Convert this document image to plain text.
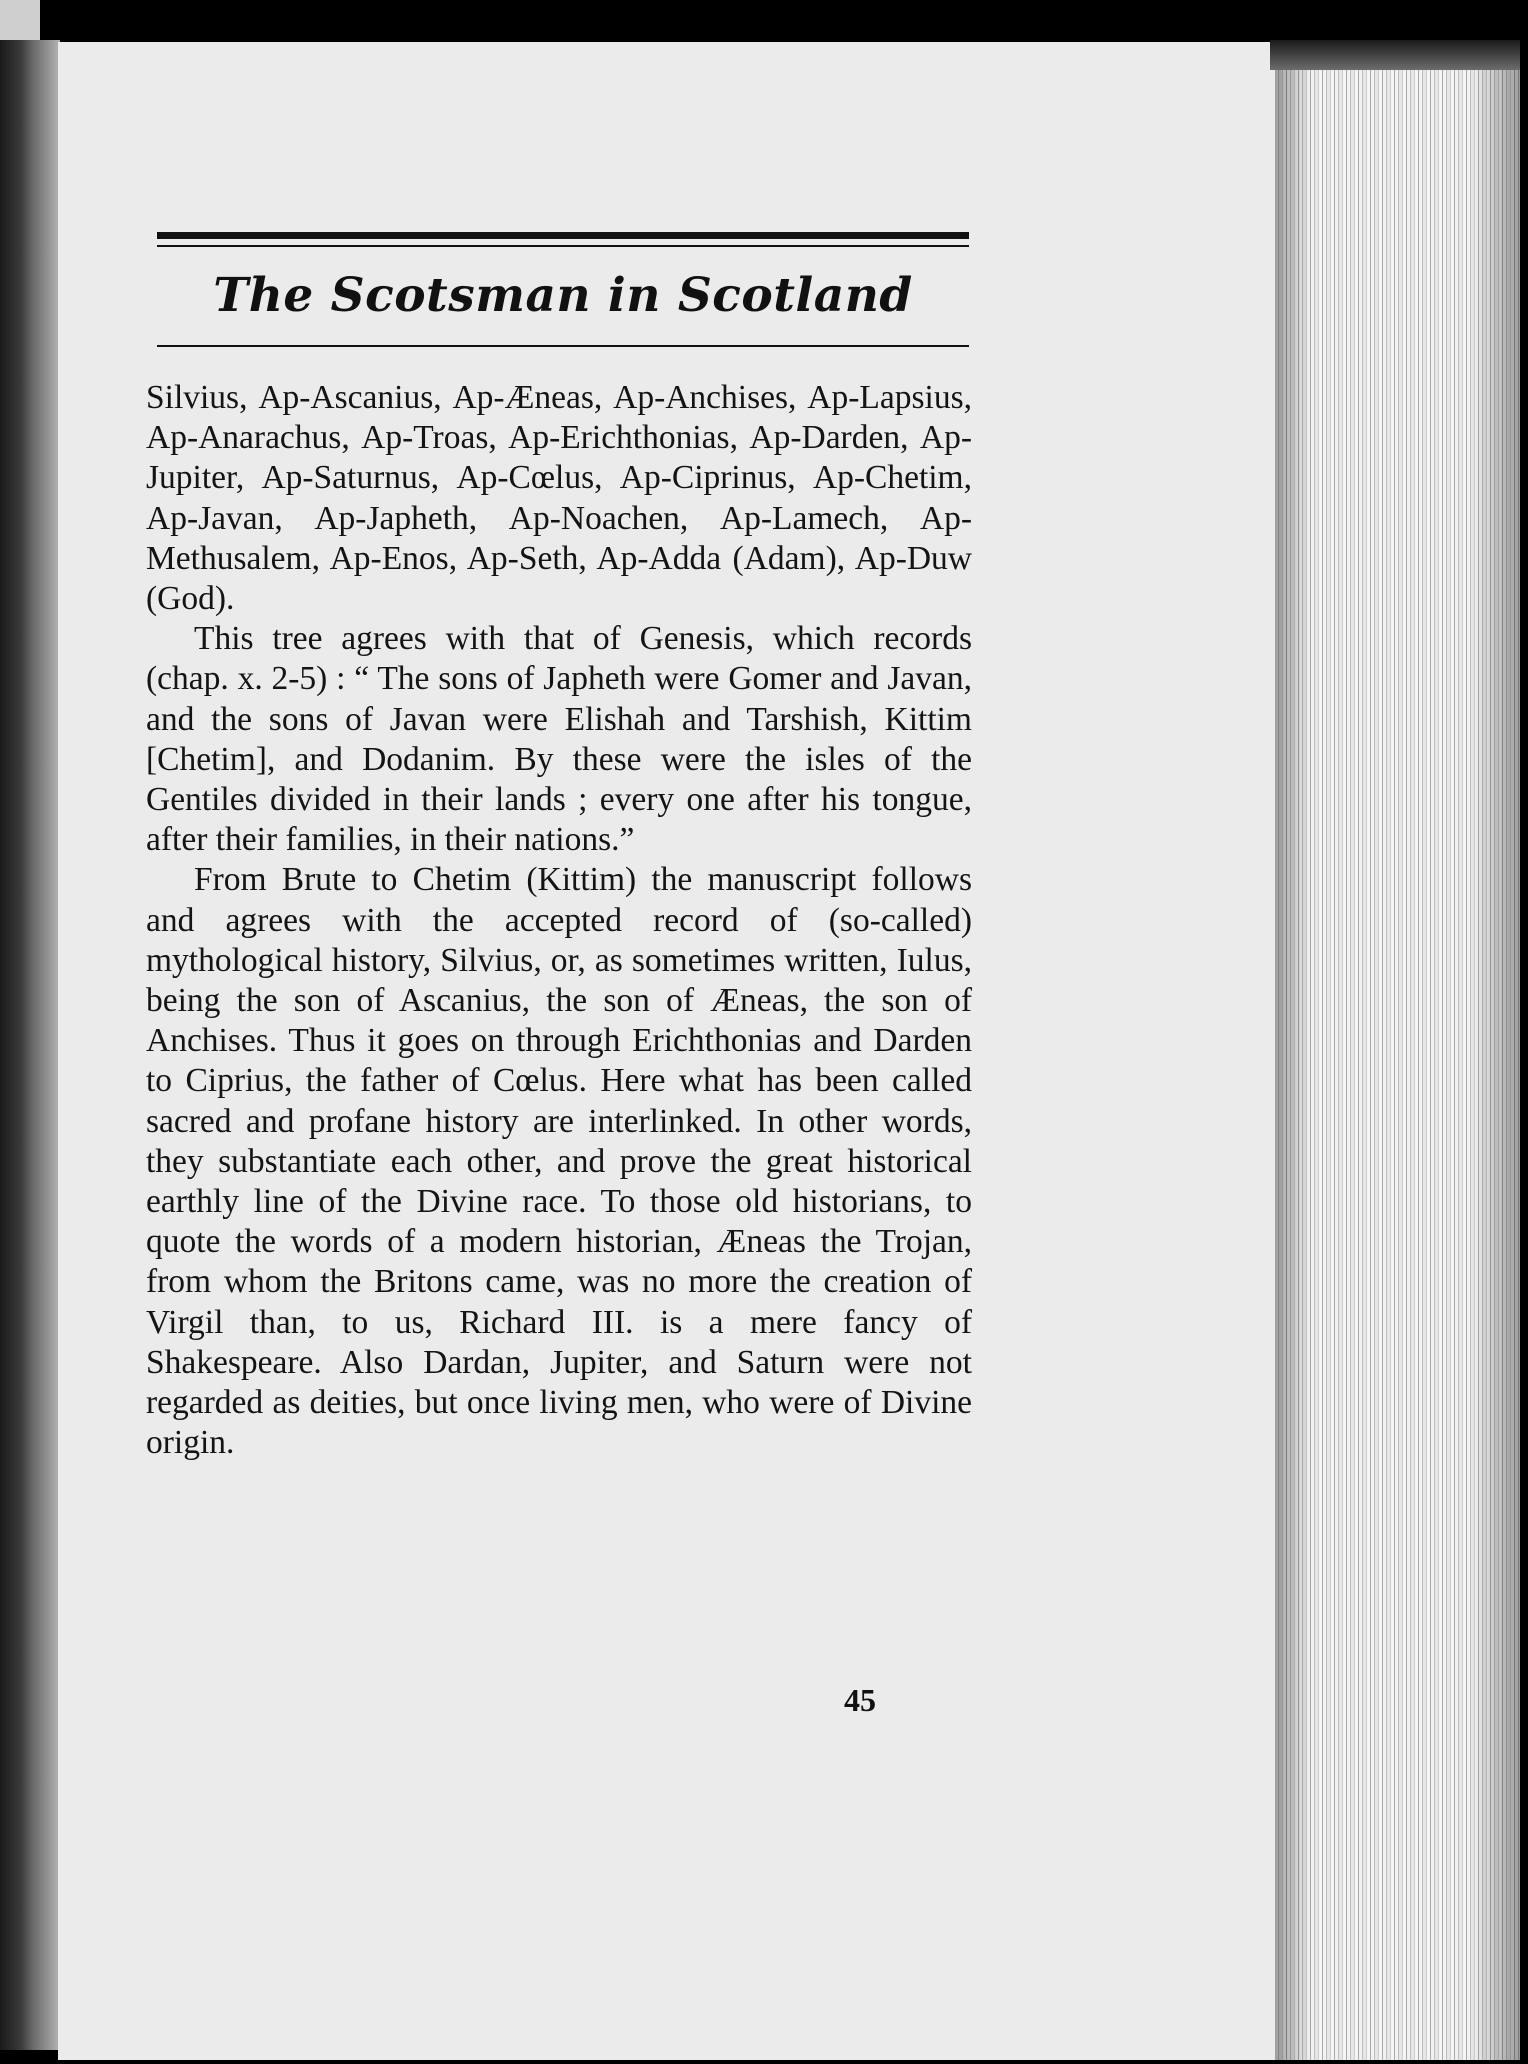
The Scotsman in Scotland

Silvius, Ap-Ascanius, Ap-Æneas, Ap-Anchises, Ap-Lapsius, Ap-Anarachus, Ap-Troas, Ap-Erichthonias, Ap-Darden, Ap-Jupiter, Ap-Saturnus, Ap-Cœlus, Ap-Ciprinus, Ap-Chetim, Ap-Javan, Ap-Japheth, Ap-Noachen, Ap-Lamech, Ap-Methusalem, Ap-Enos, Ap-Seth, Ap-Adda (Adam), Ap-Duw (God).

This tree agrees with that of Genesis, which records (chap. x. 2-5) : “ The sons of Japheth were Gomer and Javan, and the sons of Javan were Elishah and Tarshish, Kittim [Chetim], and Dodanim. By these were the isles of the Gentiles divided in their lands ; every one after his tongue, after their families, in their nations.”

From Brute to Chetim (Kittim) the manuscript follows and agrees with the accepted record of (so-called) mythological history, Silvius, or, as sometimes written, Iulus, being the son of Ascanius, the son of Æneas, the son of Anchises. Thus it goes on through Erichthonias and Darden to Ciprius, the father of Cœlus. Here what has been called sacred and profane history are interlinked. In other words, they substantiate each other, and prove the great historical earthly line of the Divine race. To those old historians, to quote the words of a modern historian, Æneas the Trojan, from whom the Britons came, was no more the creation of Virgil than, to us, Richard III. is a mere fancy of Shakespeare. Also Dardan, Jupiter, and Saturn were not regarded as deities, but once living men, who were of Divine origin.

45
